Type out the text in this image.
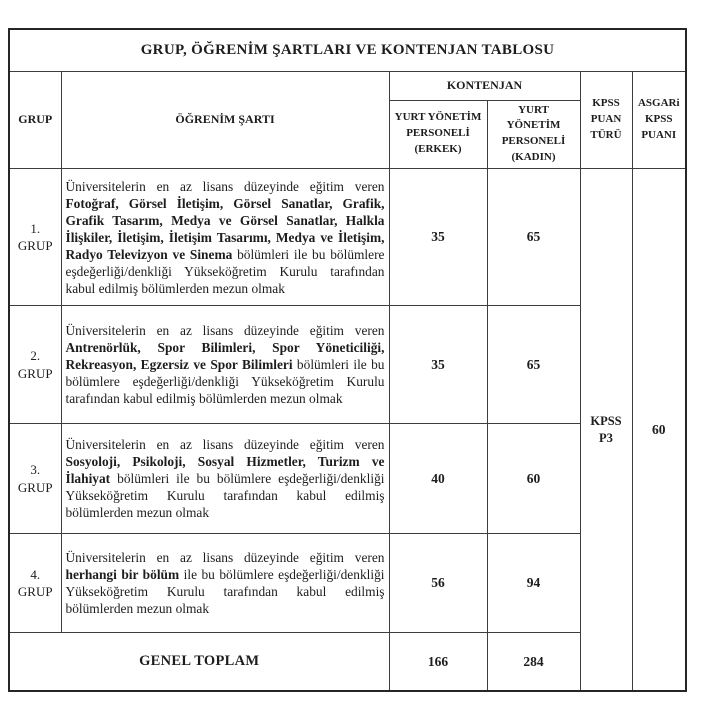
GRUP, ÖĞRENİM ŞARTLARI VE KONTENJAN TABLOSU					
GRUP	ÖĞRENİM ŞARTI	KONTENJAN		KPSS PUAN TÜRÜ	ASGARi KPSS PUANI
		YURT YÖNETİM PERSONELİ (ERKEK)	YURT YÖNETİM PERSONELİ (KADIN)		

1.
GRUP	Üniversitelerin en az lisans düzeyinde eğitim veren Fotoğraf, Görsel İletişim, Görsel Sanatlar, Grafik, Grafik Tasarım, Medya ve Görsel Sanatlar, Halkla İlişkiler, İletişim, İletişim Tasarımı, Medya ve İletişim, Radyo Televizyon ve Sinema bölümleri ile bu bölümlere eşdeğerliği/denkliği Yükseköğretim Kurulu tarafından kabul edilmiş bölümlerden mezun olmak	35	65	KPSS P3	60

2.
GRUP	Üniversitelerin en az lisans düzeyinde eğitim veren Antrenörlük, Spor Bilimleri, Spor Yöneticiliği, Rekreasyon, Egzersiz ve Spor Bilimleri bölümleri ile bu bölümlere eşdeğerliği/denkliği Yükseköğretim Kurulu tarafından kabul edilmiş bölümlerden mezun olmak	35	65		

3.
GRUP	Üniversitelerin en az lisans düzeyinde eğitim veren Sosyoloji, Psikoloji, Sosyal Hizmetler, Turizm ve İlahiyat bölümleri ile bu bölümlere eşdeğerliği/denkliği Yükseköğretim Kurulu tarafından kabul edilmiş bölümlerden mezun olmak	40	60		

4.
GRUP	Üniversitelerin en az lisans düzeyinde eğitim veren herhangi bir bölüm ile bu bölümlere eşdeğerliği/denkliği Yükseköğretim Kurulu tarafından kabul edilmiş bölümlerden mezun olmak	56	94		
GENEL TOPLAM		166	284		
